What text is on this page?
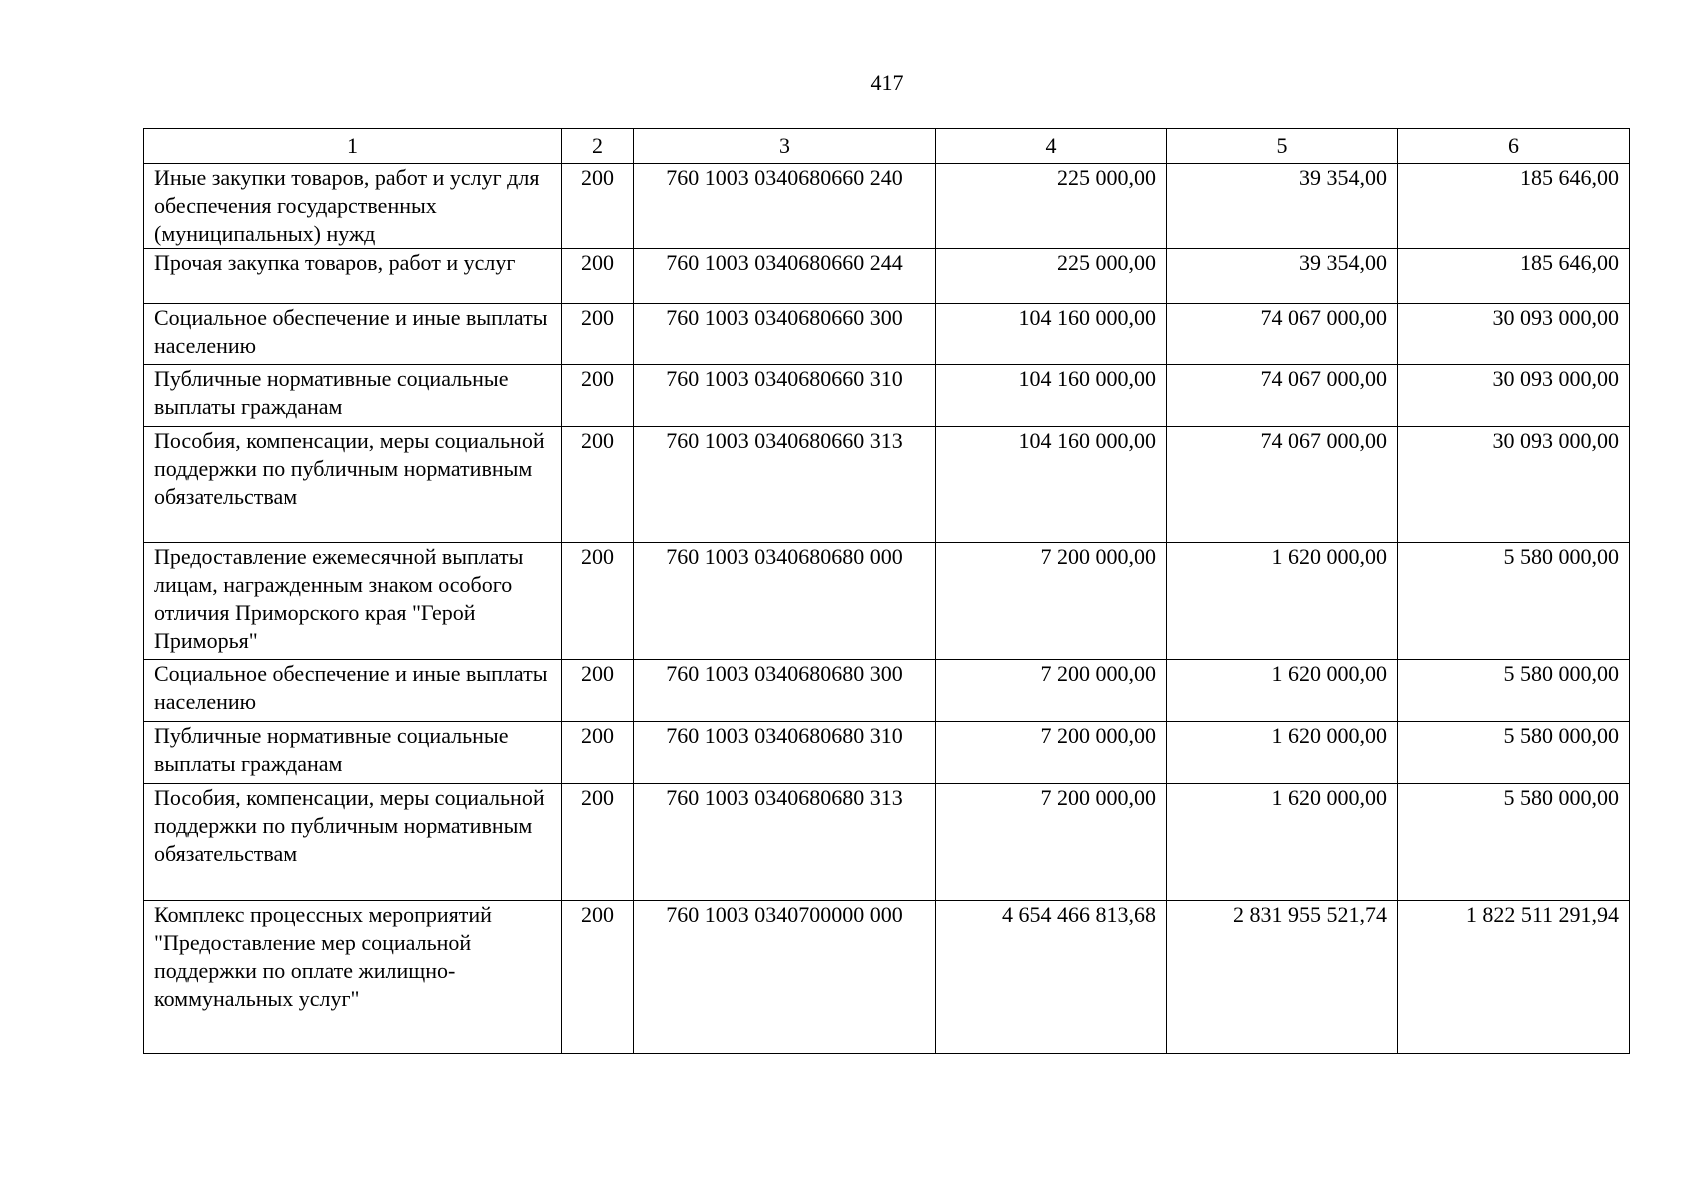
417
1	2	3	4	5	6
Иные закупки товаров, работ и услуг для обеспечения государственных (муниципальных) нужд	200	760 1003 0340680660 240	225 000,00	39 354,00	185 646,00
Прочая закупка товаров, работ и услуг	200	760 1003 0340680660 244	225 000,00	39 354,00	185 646,00
Социальное обеспечение и иные выплаты населению	200	760 1003 0340680660 300	104 160 000,00	74 067 000,00	30 093 000,00
Публичные нормативные социальные выплаты гражданам	200	760 1003 0340680660 310	104 160 000,00	74 067 000,00	30 093 000,00
Пособия, компенсации, меры социальной поддержки по публичным нормативным обязательствам	200	760 1003 0340680660 313	104 160 000,00	74 067 000,00	30 093 000,00
Предоставление ежемесячной выплаты лицам, награжденным знаком особого отличия Приморского края "Герой Приморья"	200	760 1003 0340680680 000	7 200 000,00	1 620 000,00	5 580 000,00
Социальное обеспечение и иные выплаты населению	200	760 1003 0340680680 300	7 200 000,00	1 620 000,00	5 580 000,00
Публичные нормативные социальные выплаты гражданам	200	760 1003 0340680680 310	7 200 000,00	1 620 000,00	5 580 000,00
Пособия, компенсации, меры социальной поддержки по публичным нормативным обязательствам	200	760 1003 0340680680 313	7 200 000,00	1 620 000,00	5 580 000,00
Комплекс процессных мероприятий "Предоставление мер социальной поддержки по оплате жилищно-коммунальных услуг"	200	760 1003 0340700000 000	4 654 466 813,68	2 831 955 521,74	1 822 511 291,94
